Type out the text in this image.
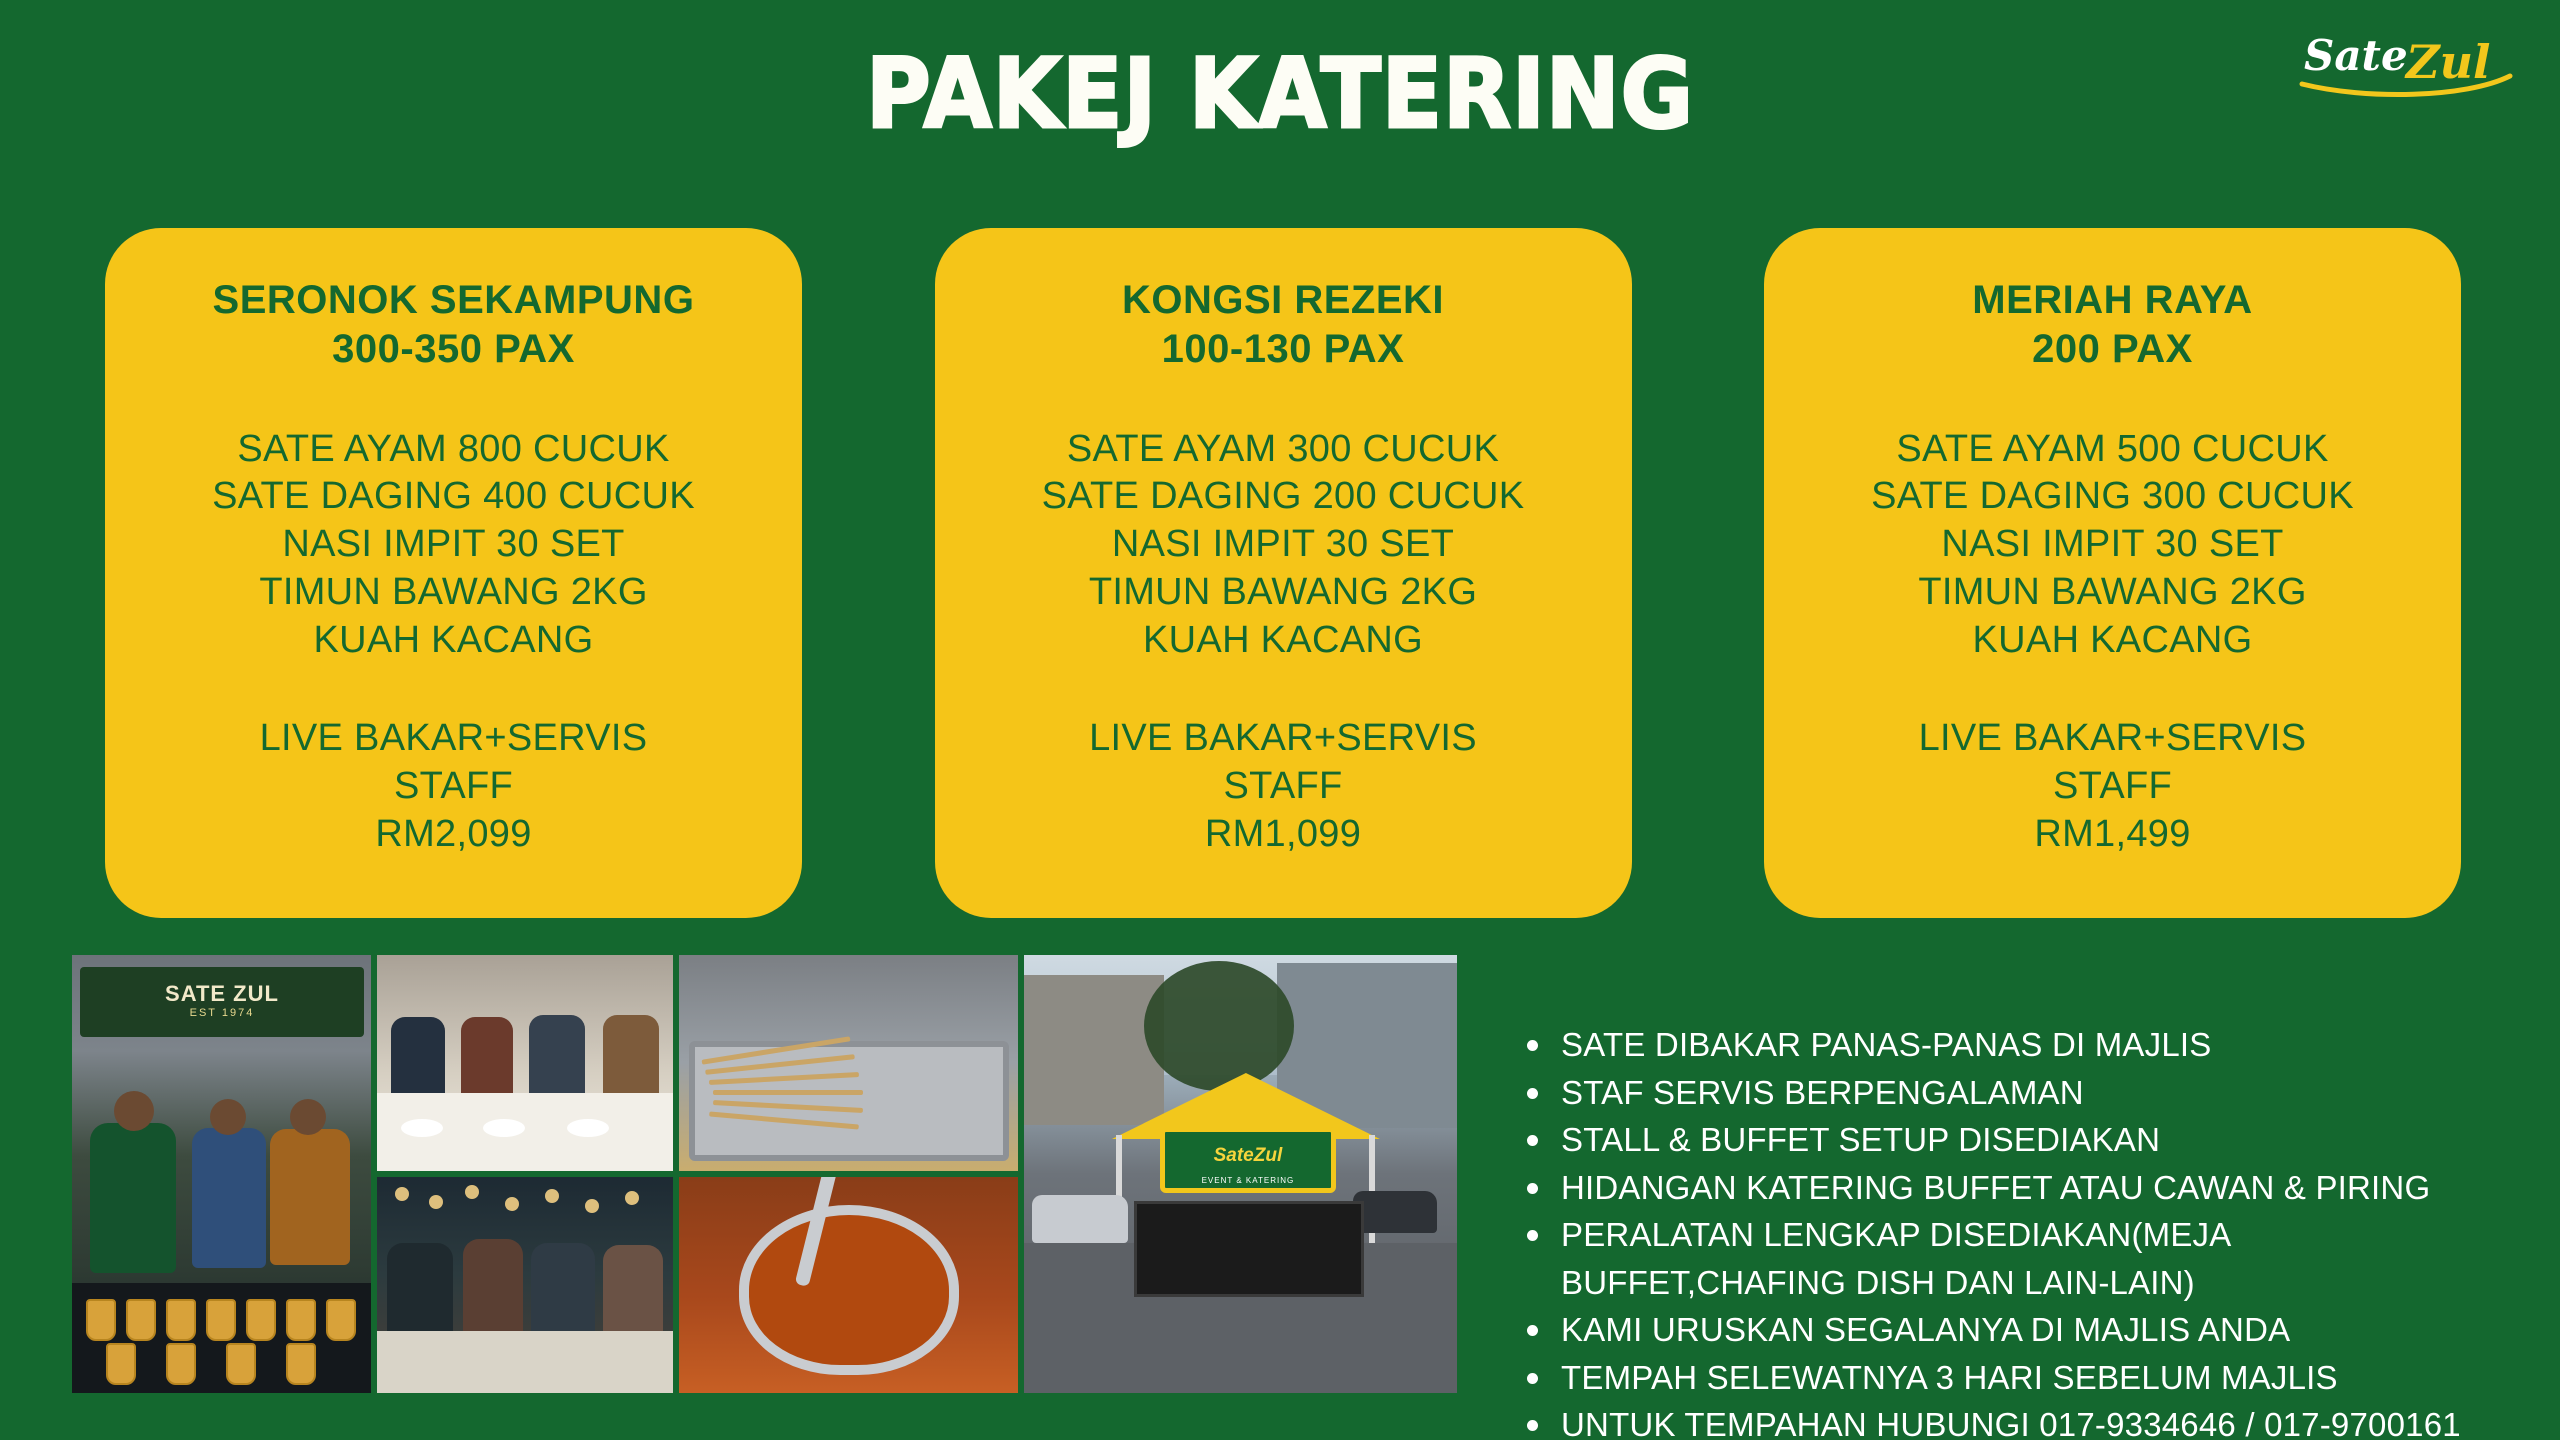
Sate
Zul
PAKEJ KATERING
SERONOK SEKAMPUNG
300-350 PAX
SATE AYAM 800 CUCUK
SATE DAGING 400 CUCUK
NASI IMPIT 30 SET
TIMUN BAWANG 2KG
KUAH KACANG
LIVE BAKAR+SERVIS
STAFF
RM2,099
KONGSI REZEKI
100-130 PAX
SATE AYAM 300 CUCUK
SATE DAGING 200 CUCUK
NASI IMPIT 30 SET
TIMUN BAWANG 2KG
KUAH KACANG
LIVE BAKAR+SERVIS
STAFF
RM1,099
MERIAH RAYA
200 PAX
SATE AYAM 500 CUCUK
SATE DAGING 300 CUCUK
NASI IMPIT 30 SET
TIMUN BAWANG 2KG
KUAH KACANG
LIVE BAKAR+SERVIS
STAFF
RM1,499
SATE ZUL
EST 1974
SateZul
EVENT & KATERING
SATE DIBAKAR PANAS-PANAS DI MAJLIS
STAF SERVIS BERPENGALAMAN
STALL & BUFFET SETUP DISEDIAKAN
HIDANGAN KATERING BUFFET ATAU CAWAN & PIRING
PERALATAN LENGKAP DISEDIAKAN(MEJA BUFFET,CHAFING DISH DAN LAIN-LAIN)
KAMI URUSKAN SEGALANYA DI MAJLIS ANDA
TEMPAH SELEWATNYA 3 HARI SEBELUM MAJLIS
UNTUK TEMPAHAN HUBUNGI 017-9334646 / 017-9700161
